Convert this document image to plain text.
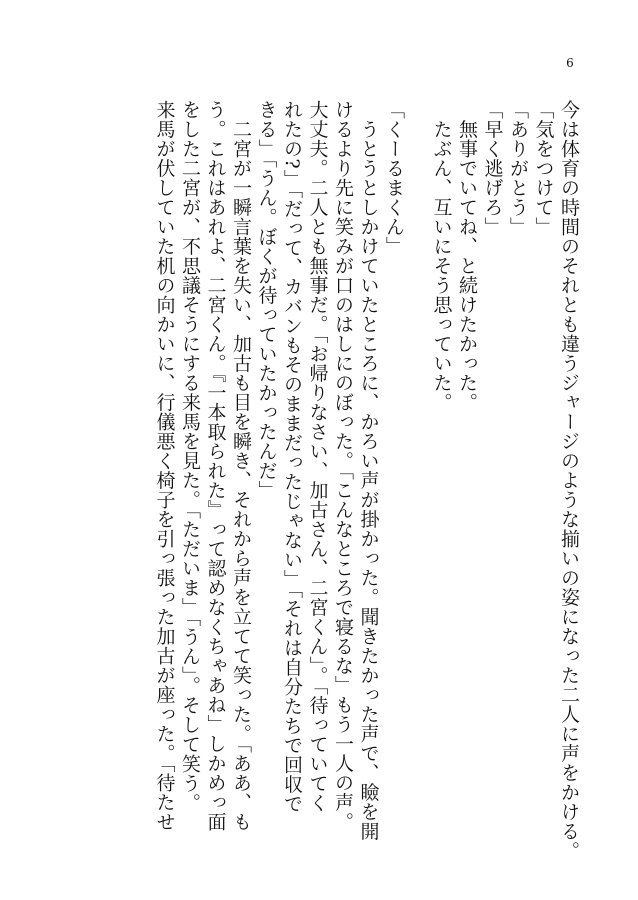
6
今は体育の時間のそれとも違うジャージのような揃いの姿になった二人に声をかける。
「気をつけて」
「ありがとう」
「早く逃げろ」
　無事でいてね、と続けたかった。
　たぶん、互いにそう思っていた。
「くーるまくん」
　うとうとしかけていたところに、かろい声が掛かった。聞きたかった声で、瞼を開
けるより先に笑みが口のはしにのぼった。「こんなところで寝るな」もう一人の声。
大丈夫。二人とも無事だ。「お帰りなさい、加古さん、二宮くん」。「待っていてく
れたの?」「だって、カバンもそのままだったじゃない」「それは自分たちで回収で
きる」「うん。ぼくが待っていたかったんだ」
　二宮が一瞬言葉を失い、加古も目を瞬き、それから声を立てて笑った。「ああ、も
う。これはあれよ、二宮くん。『一本取られた』って認めなくちゃあね」しかめっ面
をした二宮が、不思議そうにする来馬を見た。「ただいま」「うん」。そして笑う。
来馬が伏していた机の向かいに、行儀悪く椅子を引っ張った加古が座った。「待たせ
